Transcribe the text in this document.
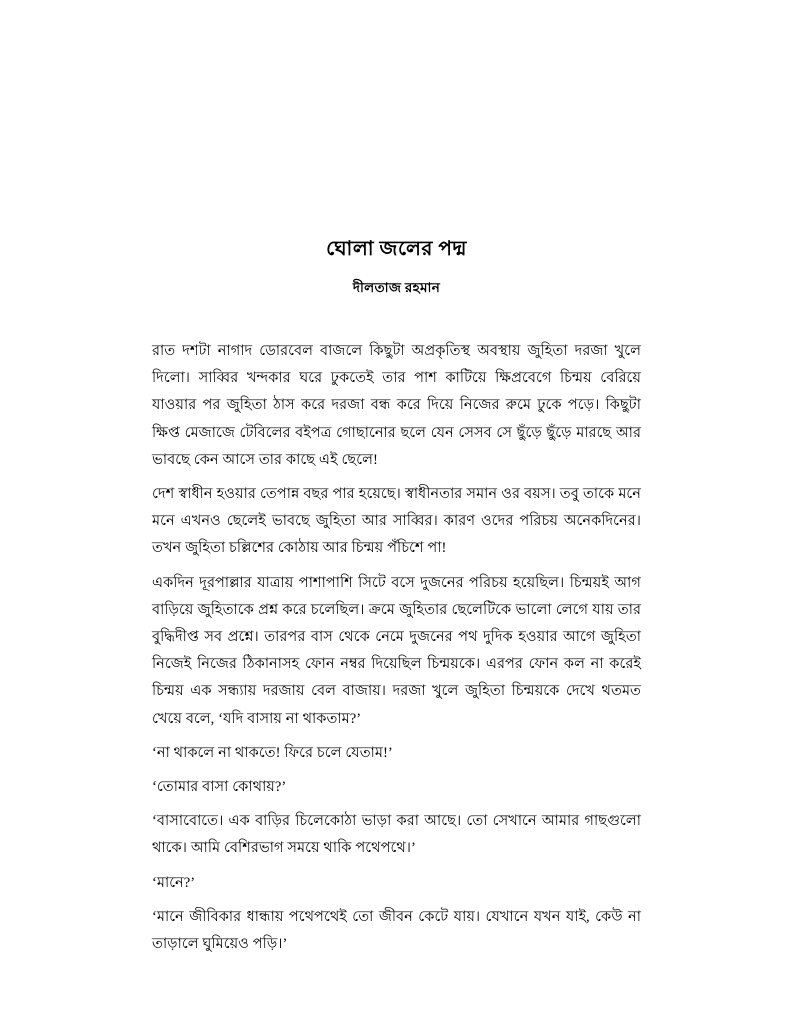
ঘোলা জলের পদ্ম
দীলতাজ রহমান

রাত দশটা নাগাদ ডোরবেল বাজলে কিছুটা অপ্রকৃতিস্থ অবস্থায় জুহিতা দরজা খুলে দিলো। সাব্বির খন্দকার ঘরে ঢুকতেই তার পাশ কাটিয়ে ক্ষিপ্রবেগে চিন্ময় বেরিয়ে যাওয়ার পর জুহিতা ঠাস করে দরজা বন্ধ করে দিয়ে নিজের রুমে ঢুকে পড়ে। কিছুটা ক্ষিপ্ত মেজাজে টেবিলের বইপত্র গোছানোর ছলে যেন সেসব সে ছুঁড়ে ছুঁড়ে মারছে আর ভাবছে কেন আসে তার কাছে এই ছেলে!

দেশ স্বাধীন হওয়ার তেপান্ন বছর পার হয়েছে। স্বাধীনতার সমান ওর বয়স। তবু তাকে মনে মনে এখনও ছেলেই ভাবছে জুহিতা আর সাব্বির। কারণ ওদের পরিচয় অনেকদিনের। তখন জুহিতা চল্লিশের কোঠায় আর চিন্ময় পঁচিশে পা!

একদিন দূরপাল্লার যাত্রায় পাশাপাশি সিটে বসে দুজনের পরিচয় হয়েছিল। চিন্ময়ই আগ বাড়িয়ে জুহিতাকে প্রশ্ন করে চলেছিল। ক্রমে জুহিতার ছেলেটিকে ভালো লেগে যায় তার বুদ্ধিদীপ্ত সব প্রশ্নে। তারপর বাস থেকে নেমে দুজনের পথ দুদিক হওয়ার আগে জুহিতা নিজেই নিজের ঠিকানাসহ ফোন নম্বর দিয়েছিল চিন্ময়কে। এরপর ফোন কল না করেই চিন্ময় এক সন্ধ্যায় দরজায় বেল বাজায়। দরজা খুলে জুহিতা চিন্ময়কে দেখে থতমত খেয়ে বলে, ‘যদি বাসায় না থাকতাম?’

‘না থাকলে না থাকতে! ফিরে চলে যেতাম!’

‘তোমার বাসা কোথায়?’

‘বাসাবোতে। এক বাড়ির চিলেকোঠা ভাড়া করা আছে। তো সেখানে আমার গাছগুলো থাকে। আমি বেশিরভাগ সময়ে থাকি পথেপথে।’

‘মানে?’

‘মানে জীবিকার ধান্ধায় পথেপথেই তো জীবন কেটে যায়। যেখানে যখন যাই, কেউ না তাড়ালে ঘুমিয়েও পড়ি।’
